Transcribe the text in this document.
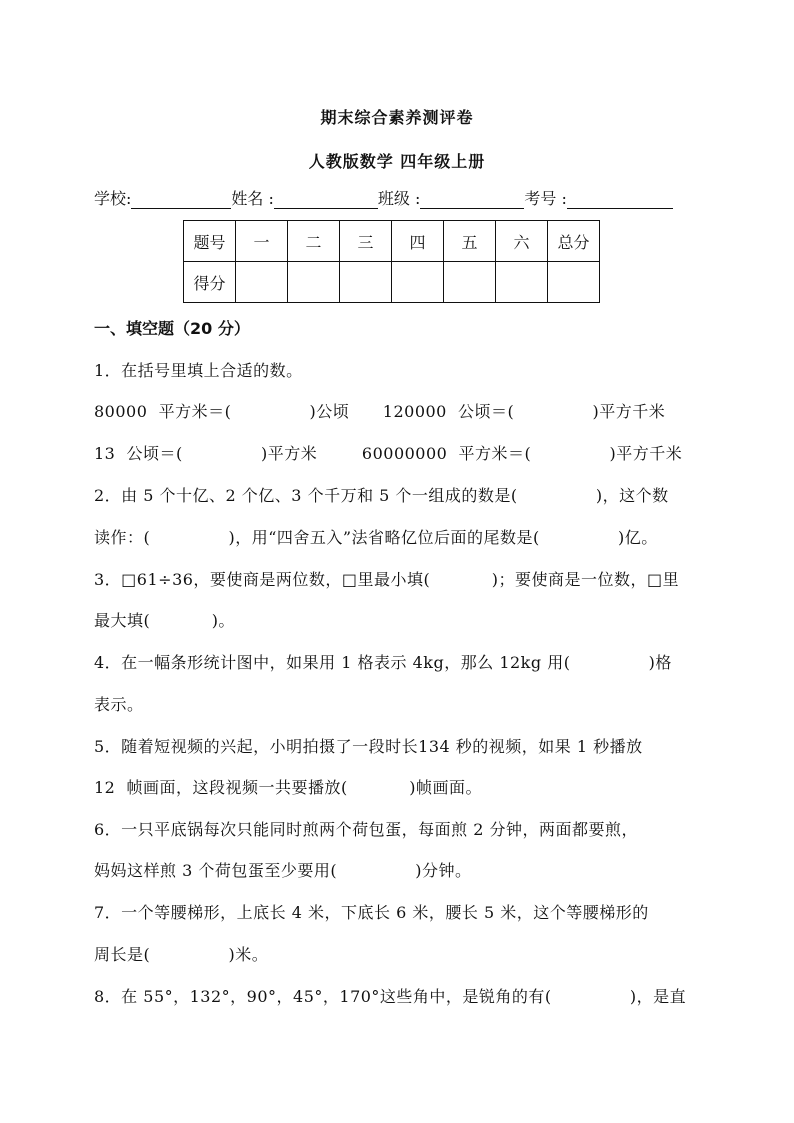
期末综合素养测评卷
人教版数学 四年级上册
学校:	姓名 :	班级 :	考号 :
题号	一	二	三	四	五	六	总分
得分							
一、填空题（20 分）
1．在括号里填上合适的数。
80000  平方米＝(              )公顷      120000  公顷＝(              )平方千米
13  公顷＝(              )平方米        60000000  平方米＝(              )平方千米
2．由 5 个十亿、2 个亿、3 个千万和 5 个一组成的数是(              )，这个数
读作：(              )，用“四舍五入”法省略亿位后面的尾数是(              )亿。
3．□61÷36，要使商是两位数，□里最小填(           )；要使商是一位数，□里
最大填(           )。
4．在一幅条形统计图中，如果用 1 格表示 4kg，那么 12kg 用(              )格
表示。
5．随着短视频的兴起，小明拍摄了一段时长134 秒的视频，如果 1 秒播放
12  帧画面，这段视频一共要播放(           )帧画面。
6．一只平底锅每次只能同时煎两个荷包蛋，每面煎 2 分钟，两面都要煎，
妈妈这样煎 3 个荷包蛋至少要用(              )分钟。
7．一个等腰梯形，上底长 4 米，下底长 6 米，腰长 5 米，这个等腰梯形的
周长是(              )米。
8．在 55°，132°，90°，45°，170°这些角中，是锐角的有(              )，是直
